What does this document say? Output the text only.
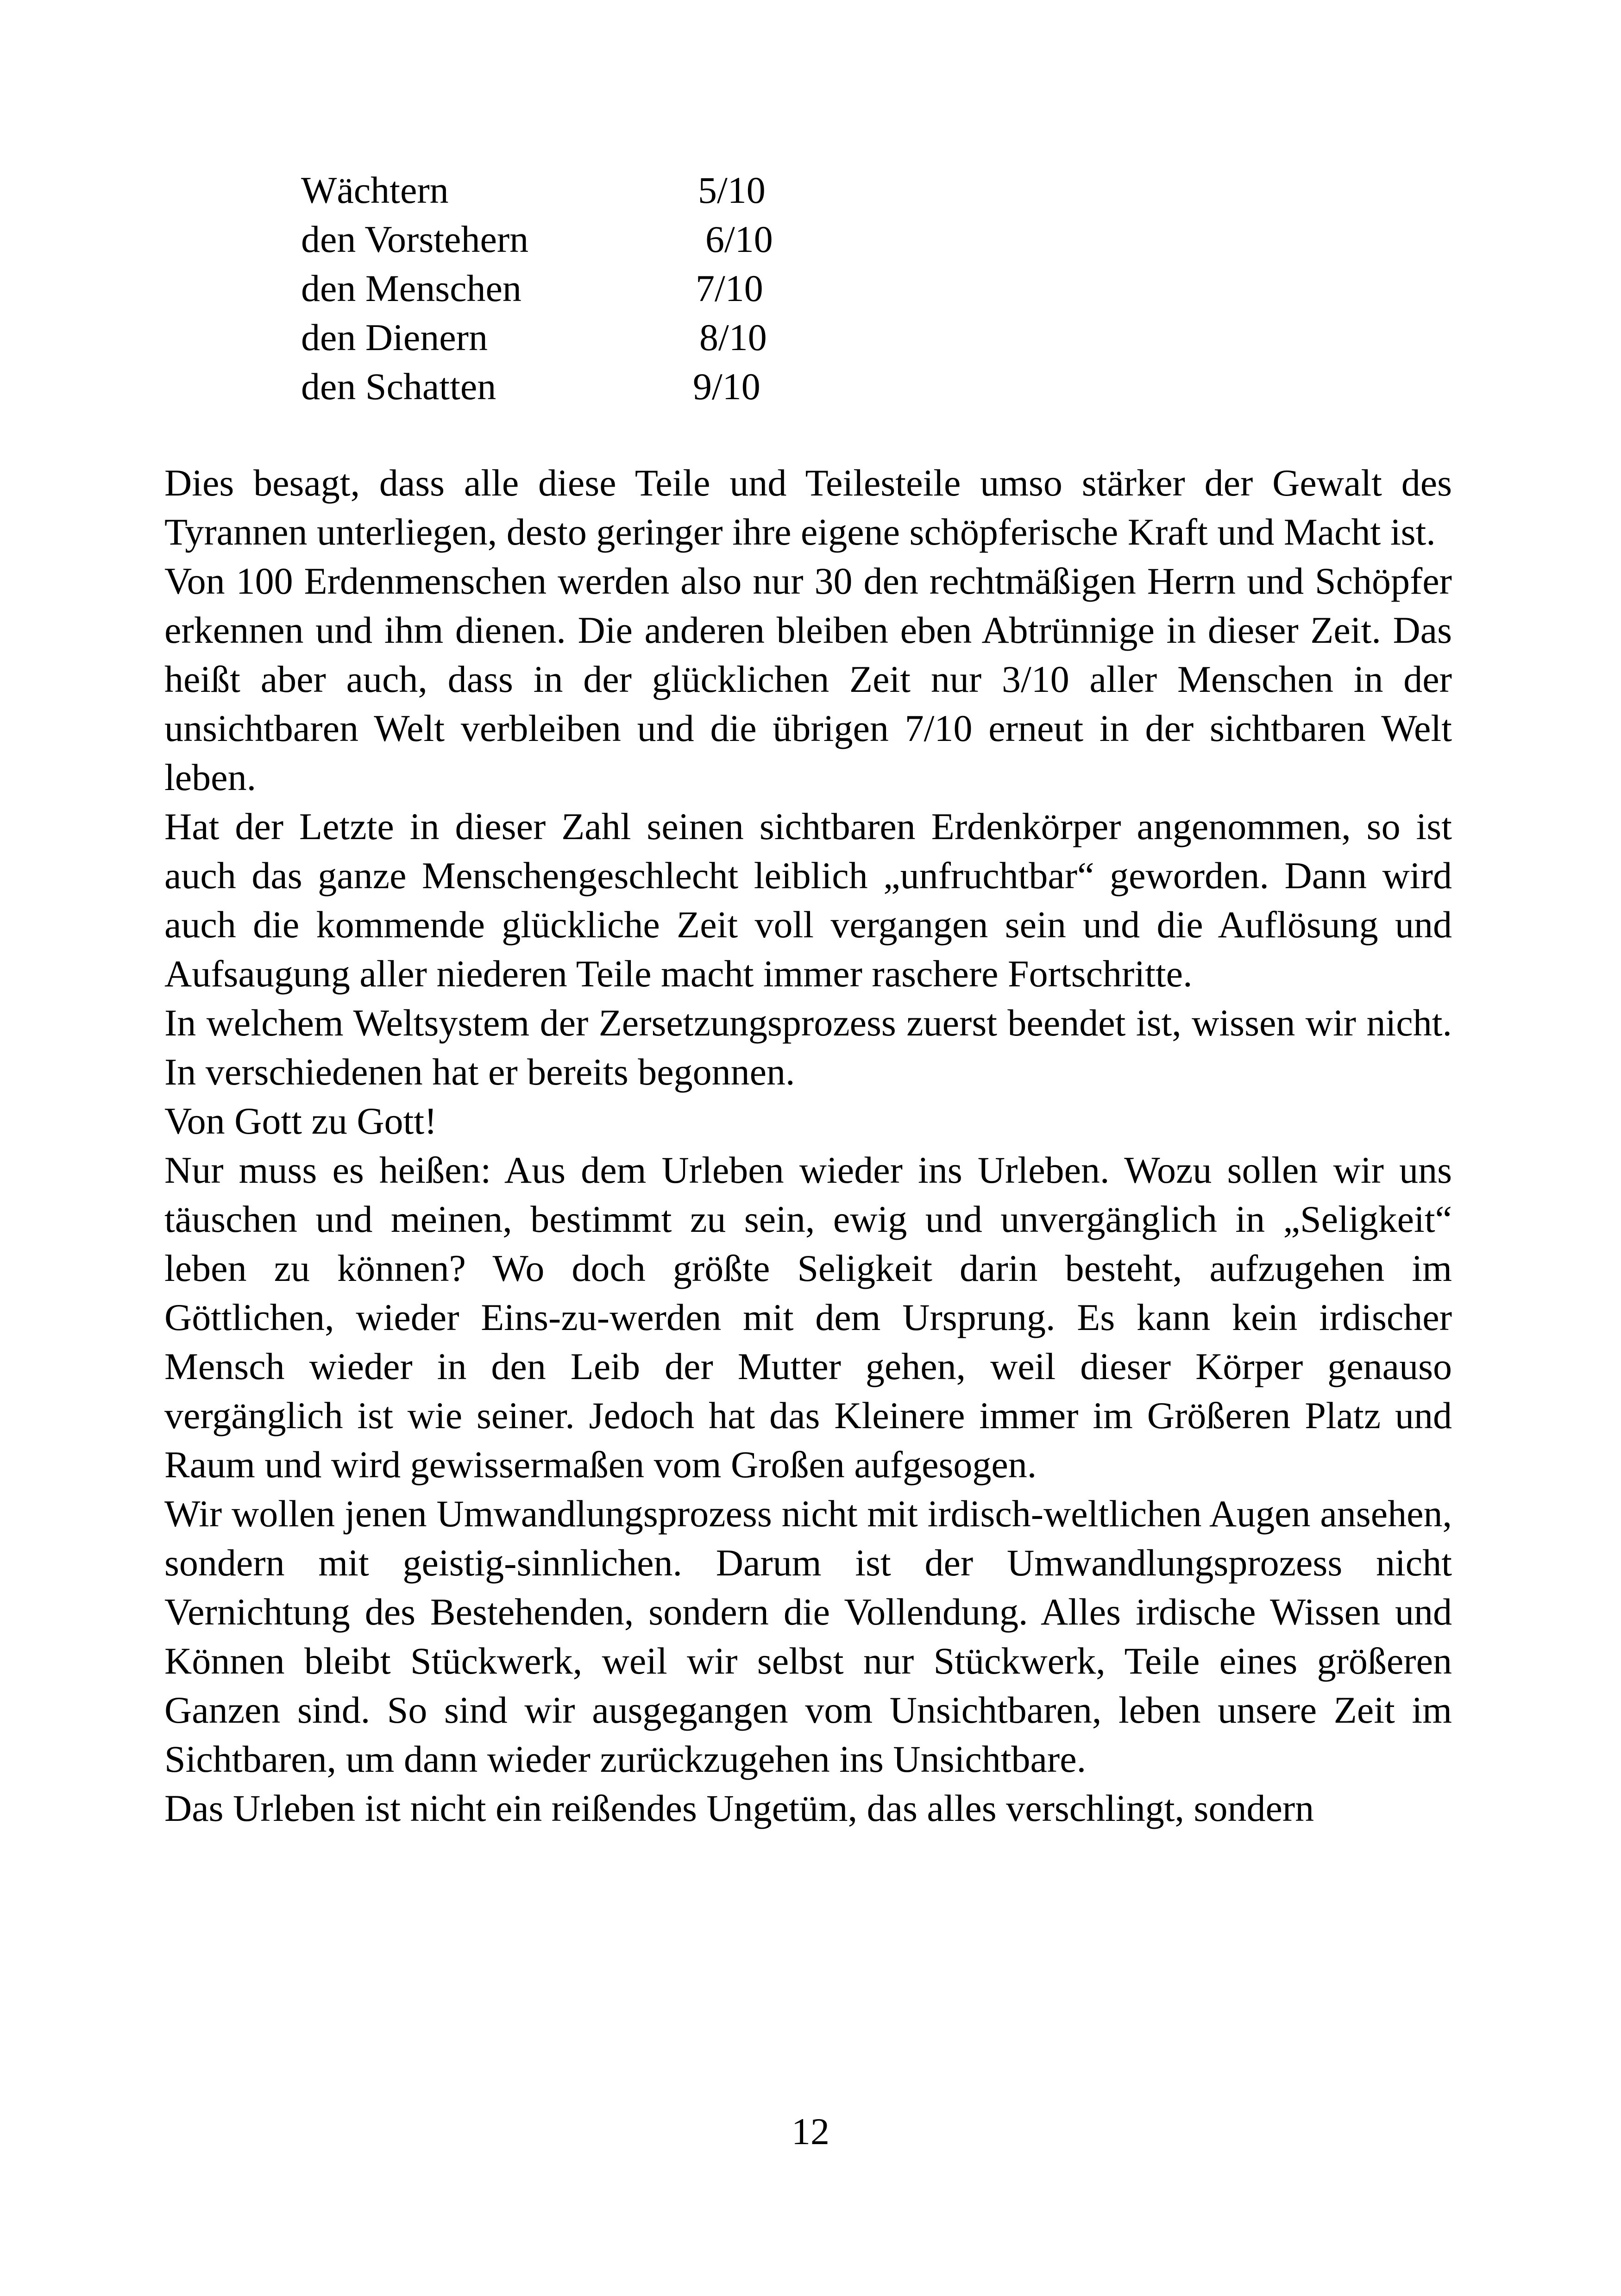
Wächtern	5/10
den Vorstehern	6/10
den Menschen	7/10
den Dienern	8/10
den Schatten	9/10

Dies besagt, dass alle diese Teile und Teilesteile umso stärker der Gewalt des Tyrannen unterliegen, desto geringer ihre eigene schöpferische Kraft und Macht ist.

Von 100 Erdenmenschen werden also nur 30 den rechtmäßigen Herrn und Schöpfer erkennen und ihm dienen. Die anderen bleiben eben Abtrünnige in dieser Zeit. Das heißt aber auch, dass in der glücklichen Zeit nur 3/10 aller Menschen in der unsichtbaren Welt verbleiben und die übrigen 7/10 erneut in der sichtbaren Welt leben.

Hat der Letzte in dieser Zahl seinen sichtbaren Erdenkörper angenommen, so ist auch das ganze Menschengeschlecht leiblich „unfruchtbar“ geworden. Dann wird auch die kommende glückliche Zeit voll vergangen sein und die Auflösung und Aufsaugung aller niederen Teile macht immer raschere Fortschritte.

In welchem Weltsystem der Zersetzungsprozess zuerst beendet ist, wissen wir nicht. In verschiedenen hat er bereits begonnen.

Von Gott zu Gott!

Nur muss es heißen: Aus dem Urleben wieder ins Urleben. Wozu sollen wir uns täuschen und meinen, bestimmt zu sein, ewig und unvergänglich in „Seligkeit“ leben zu können? Wo doch größte Seligkeit darin besteht, aufzugehen im Göttlichen, wieder Eins-zu-werden mit dem Ursprung. Es kann kein irdischer Mensch wieder in den Leib der Mutter gehen, weil dieser Körper genauso vergänglich ist wie seiner. Jedoch hat das Kleinere immer im Größeren Platz und Raum und wird gewissermaßen vom Großen aufgesogen.

Wir wollen jenen Umwandlungsprozess nicht mit irdisch-weltlichen Augen ansehen, sondern mit geistig-sinnlichen. Darum ist der Umwandlungsprozess nicht Vernichtung des Bestehenden, sondern die Vollendung. Alles irdische Wissen und Können bleibt Stückwerk, weil wir selbst nur Stückwerk, Teile eines größeren Ganzen sind. So sind wir ausgegangen vom Unsichtbaren, leben unsere Zeit im Sichtbaren, um dann wieder zurückzugehen ins Unsichtbare.

Das Urleben ist nicht ein reißendes Ungetüm, das alles verschlingt, sondern

12
